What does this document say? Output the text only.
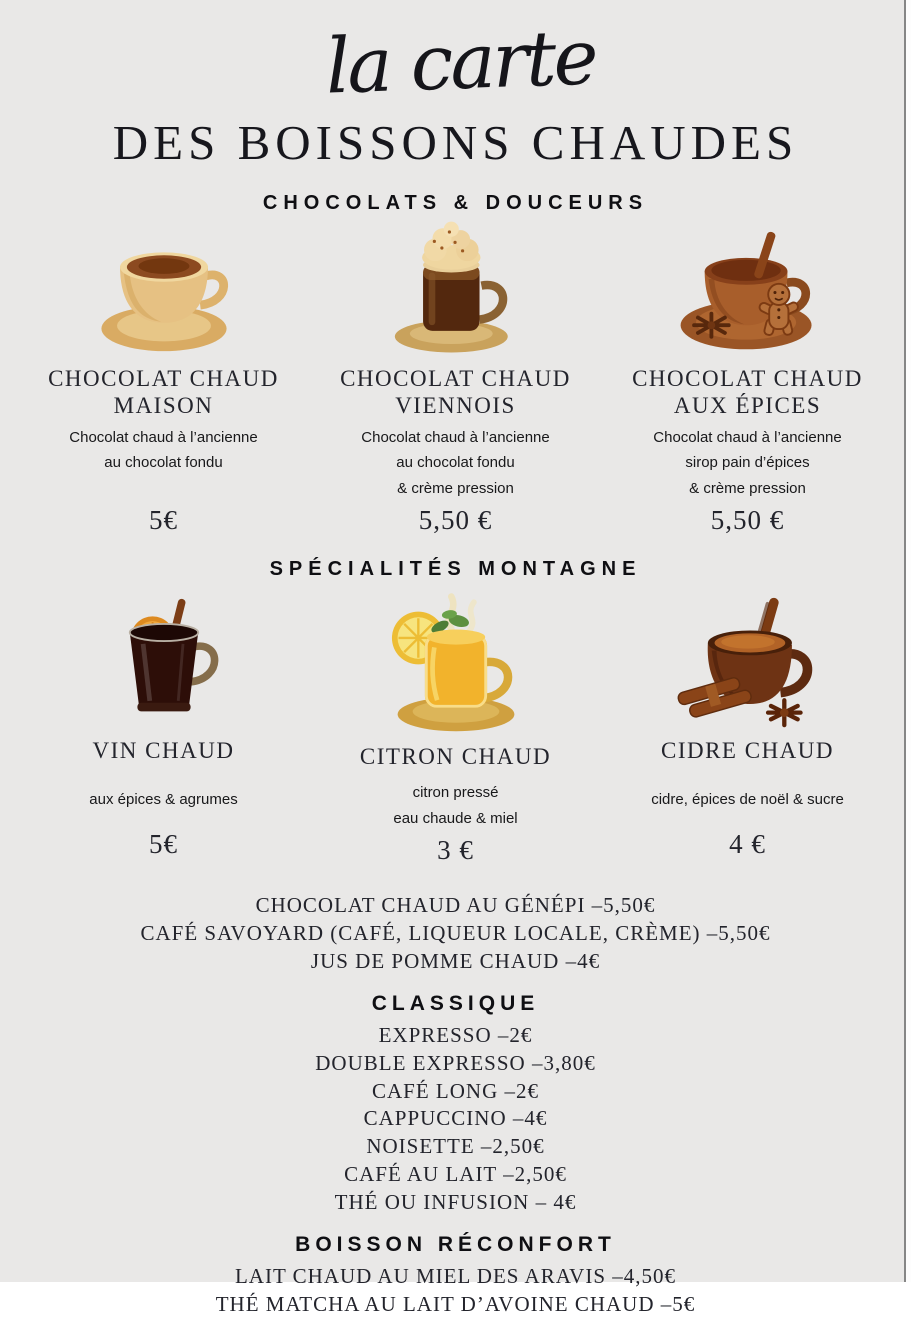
la carte
DES BOISSONS CHAUDES
CHOCOLATS & DOUCEURS
CHOCOLAT CHAUD MAISON
Chocolat chaud à l’ancienne
au chocolat fondu
5€
CHOCOLAT CHAUD VIENNOIS
Chocolat chaud à l’ancienne
au chocolat fondu
& crème pression
5,50 €
CHOCOLAT CHAUD AUX ÉPICES
Chocolat chaud à l’ancienne
sirop pain d’épices
& crème pression
5,50 €
SPÉCIALITÉS MONTAGNE
VIN CHAUD
aux épices & agrumes
5€
CITRON CHAUD
citron pressé
eau chaude & miel
3 €
CIDRE CHAUD
cidre, épices de noël & sucre
4 €
CHOCOLAT CHAUD AU GÉNÉPI –5,50€
CAFÉ SAVOYARD (CAFÉ, LIQUEUR LOCALE, CRÈME) –5,50€
JUS DE POMME CHAUD –4€
CLASSIQUE
EXPRESSO –2€
DOUBLE EXPRESSO –3,80€
CAFÉ LONG –2€
CAPPUCCINO –4€
NOISETTE –2,50€
CAFÉ AU LAIT –2,50€
THÉ OU INFUSION – 4€
BOISSON RÉCONFORT
LAIT CHAUD AU MIEL DES ARAVIS –4,50€
THÉ MATCHA AU LAIT D’AVOINE CHAUD –5€
